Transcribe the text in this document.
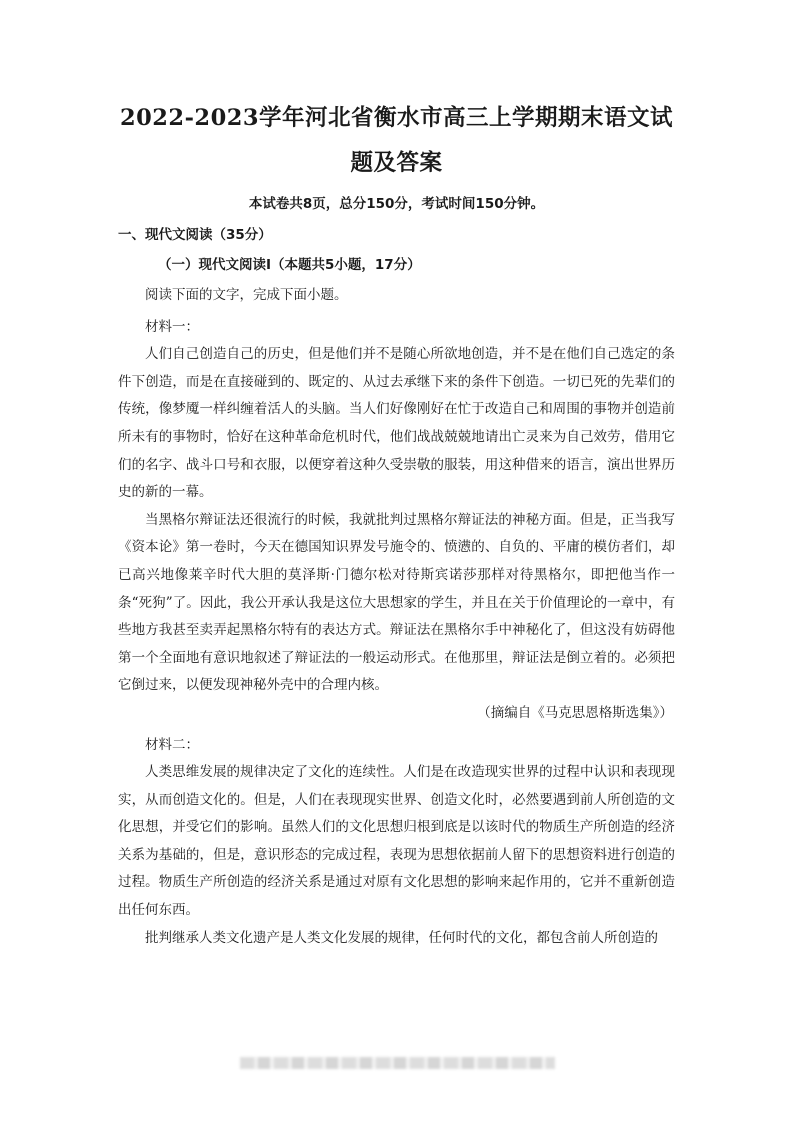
2022-2023学年河北省衡水市高三上学期期末语文试题及答案
本试卷共8页，总分150分，考试时间150分钟。
一、现代文阅读（35分）
（一）现代文阅读Ⅰ（本题共5小题，17分）

阅读下面的文字，完成下面小题。

材料一：

人们自己创造自己的历史，但是他们并不是随心所欲地创造，并不是在他们自己选定的条件下创造，而是在直接碰到的、既定的、从过去承继下来的条件下创造。一切已死的先辈们的传统，像梦魇一样纠缠着活人的头脑。当人们好像刚好在忙于改造自己和周围的事物并创造前所未有的事物时，恰好在这种革命危机时代，他们战战兢兢地请出亡灵来为自己效劳，借用它们的名字、战斗口号和衣服，以便穿着这种久受崇敬的服装，用这种借来的语言，演出世界历史的新的一幕。

当黑格尔辩证法还很流行的时候，我就批判过黑格尔辩证法的神秘方面。但是，正当我写《资本论》第一卷时，今天在德国知识界发号施令的、愤懑的、自负的、平庸的模仿者们，却已高兴地像莱辛时代大胆的莫泽斯·门德尔松对待斯宾诺莎那样对待黑格尔，即把他当作一条“死狗”了。因此，我公开承认我是这位大思想家的学生，并且在关于价值理论的一章中，有些地方我甚至卖弄起黑格尔特有的表达方式。辩证法在黑格尔手中神秘化了，但这没有妨碍他第一个全面地有意识地叙述了辩证法的一般运动形式。在他那里，辩证法是倒立着的。必须把它倒过来，以便发现神秘外壳中的合理内核。

（摘编自《马克思恩格斯选集》）

材料二：

人类思维发展的规律决定了文化的连续性。人们是在改造现实世界的过程中认识和表现现实，从而创造文化的。但是，人们在表现现实世界、创造文化时，必然要遇到前人所创造的文化思想，并受它们的影响。虽然人们的文化思想归根到底是以该时代的物质生产所创造的经济关系为基础的，但是，意识形态的完成过程，表现为思想依据前人留下的思想资料进行创造的过程。物质生产所创造的经济关系是通过对原有文化思想的影响来起作用的，它并不重新创造出任何东西。

批判继承人类文化遗产是人类文化发展的规律，任何时代的文化，都包含前人所创造的
